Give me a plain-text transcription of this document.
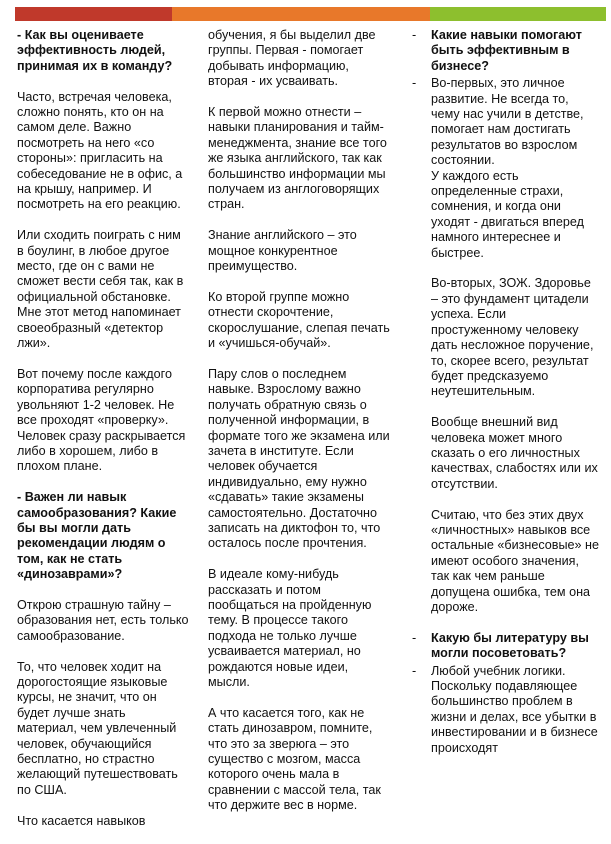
- Как вы оцениваете эффективность людей, принимая их в команду?

Часто, встречая человека, сложно понять, кто он на самом деле. Важно посмотреть на него «со стороны»: пригласить на собеседование не в офис, а на крышу, например. И посмотреть на его реакцию.

Или сходить поиграть с ним в боулинг, в любое другое место, где он с вами не сможет вести себя так, как в официальной обстановке. Мне этот метод напоминает своеобразный «детектор лжи».

Вот почему после каждого корпоратива регулярно увольняют 1-2 человек. Не все проходят «проверку». Человек сразу раскрывается либо в хорошем, либо в плохом плане.

- Важен ли навык самообразования? Какие бы вы могли дать рекомендации людям о том, как не стать «динозаврами»?

Открою страшную тайну – образования нет, есть только самообразование.

То, что человек ходит на дорогостоящие языковые курсы, не значит, что он будет лучше знать материал, чем увлеченный человек, обучающийся бесплатно, но страстно желающий путешествовать по США.

Что касается навыков

обучения, я бы выделил две группы. Первая - помогает добывать информацию, вторая - их усваивать.

К первой можно отнести – навыки планирования и тайм-менеджмента, знание все того же языка английского, так как большинство информации мы получаем из англоговорящих стран.

Знание английского – это мощное конкурентное преимущество.

Ко второй группе можно отнести скорочтение, скорослушание, слепая печать и «учишься-обучай».

Пару слов о последнем навыке. Взрослому важно получать обратную связь о полученной информации, в формате того же экзамена или зачета в институте. Если человек обучается индивидуально, ему нужно «сдавать» такие экзамены самостоятельно. Достаточно записать на диктофон то, что осталось после прочтения.

В идеале кому-нибудь рассказать и потом пообщаться на пройденную тему. В процессе такого подхода не только лучше усваивается материал, но рождаются новые идеи, мысли.

А что касается того, как не стать динозавром, помните, что это за зверюга – это существо с мозгом, масса которого очень мала в сравнении с массой тела, так что держите вес в норме.

- Какие навыки помогают быть эффективным в бизнесе?

- Во-первых, это личное развитие. Не всегда то, чему нас учили в детстве, помогает нам достигать результатов во взрослом состоянии.

У каждого есть определенные страхи, сомнения, и когда они уходят - двигаться вперед намного интереснее и быстрее.

Во-вторых, ЗОЖ. Здоровье – это фундамент цитадели успеха. Если простуженному человеку дать несложное поручение, то, скорее всего, результат будет предсказуемо неутешительным.

Вообще внешний вид человека может много сказать о его личностных качествах, слабостях или их отсутствии.

Считаю, что без этих двух «личностных» навыков все остальные «бизнесовые» не имеют особого значения, так как чем раньше допущена ошибка, тем она дороже.

- Какую бы литературу вы могли посоветовать?

- Любой учебник логики. Поскольку подавляющее большинство проблем в жизни и делах, все убытки в инвестировании и в бизнесе происходят
